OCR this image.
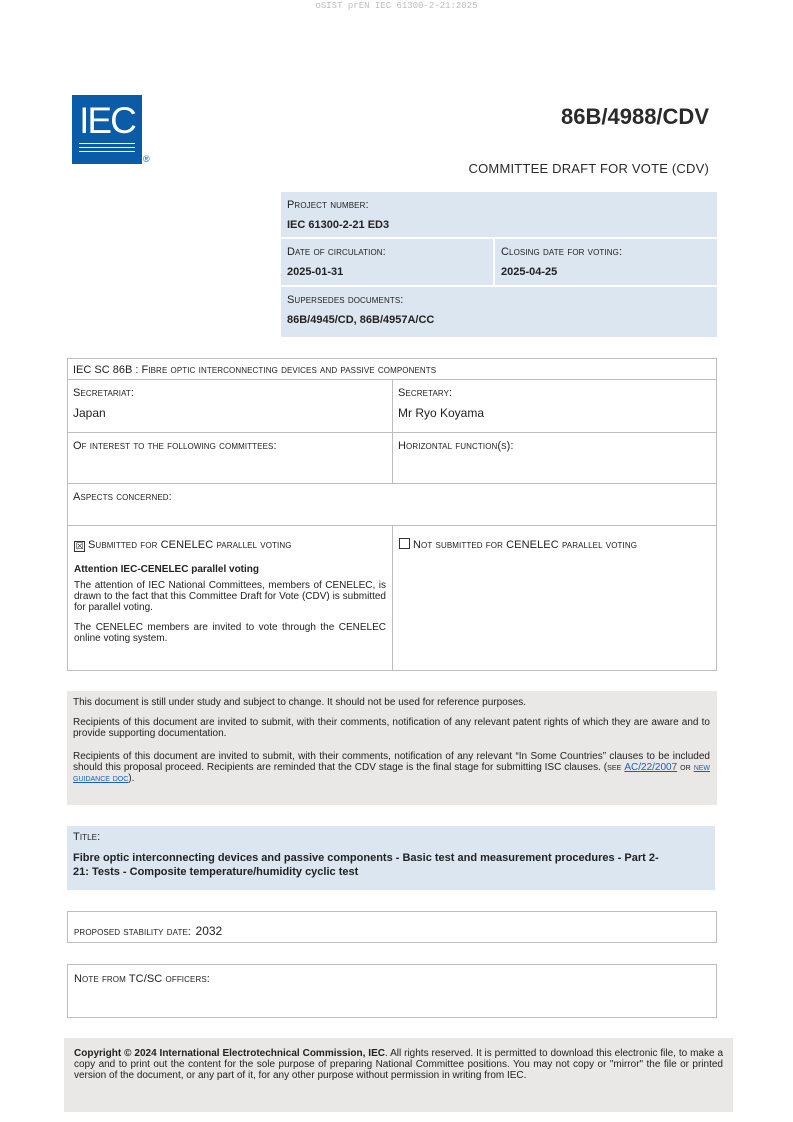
oSIST prEN IEC 61300-2-21:2025
IEC
®
86B/4988/CDV
COMMITTEE DRAFT FOR VOTE (CDV)
Project number:
IEC 61300-2-21 ED3
Date of circulation:
2025-01-31
Closing date for voting:
2025-04-25
Supersedes documents:
86B/4945/CD, 86B/4957A/CC
IEC SC 86B : Fibre optic interconnecting devices and passive components
Secretariat:
Japan
Secretary:
Mr Ryo Koyama
Of interest to the following committees:	Horizontal function(s):
Aspects concerned:
☒ Submitted for CENELEC parallel voting
Attention IEC-CENELEC parallel voting
The attention of IEC National Committees, members of CENELEC, is drawn to the fact that this Committee Draft for Vote (CDV) is submitted for parallel voting.
The CENELEC members are invited to vote through the CENELEC online voting system.
Not submitted for CENELEC parallel voting
This document is still under study and subject to change. It should not be used for reference purposes.
Recipients of this document are invited to submit, with their comments, notification of any relevant patent rights of which they are aware and to provide supporting documentation.
Recipients of this document are invited to submit, with their comments, notification of any relevant “In Some Countries” clauses to be included should this proposal proceed. Recipients are reminded that the CDV stage is the final stage for submitting ISC clauses. (see AC/22/2007 or new guidance doc).
Title:
Fibre optic interconnecting devices and passive components - Basic test and measurement procedures - Part 2-21: Tests - Composite temperature/humidity cyclic test
proposed stability date: 2032
Note from TC/SC officers:
Copyright © 2024 International Electrotechnical Commission, IEC. All rights reserved. It is permitted to download this electronic file, to make a copy and to print out the content for the sole purpose of preparing National Committee positions. You may not copy or "mirror" the file or printed version of the document, or any part of it, for any other purpose without permission in writing from IEC.
